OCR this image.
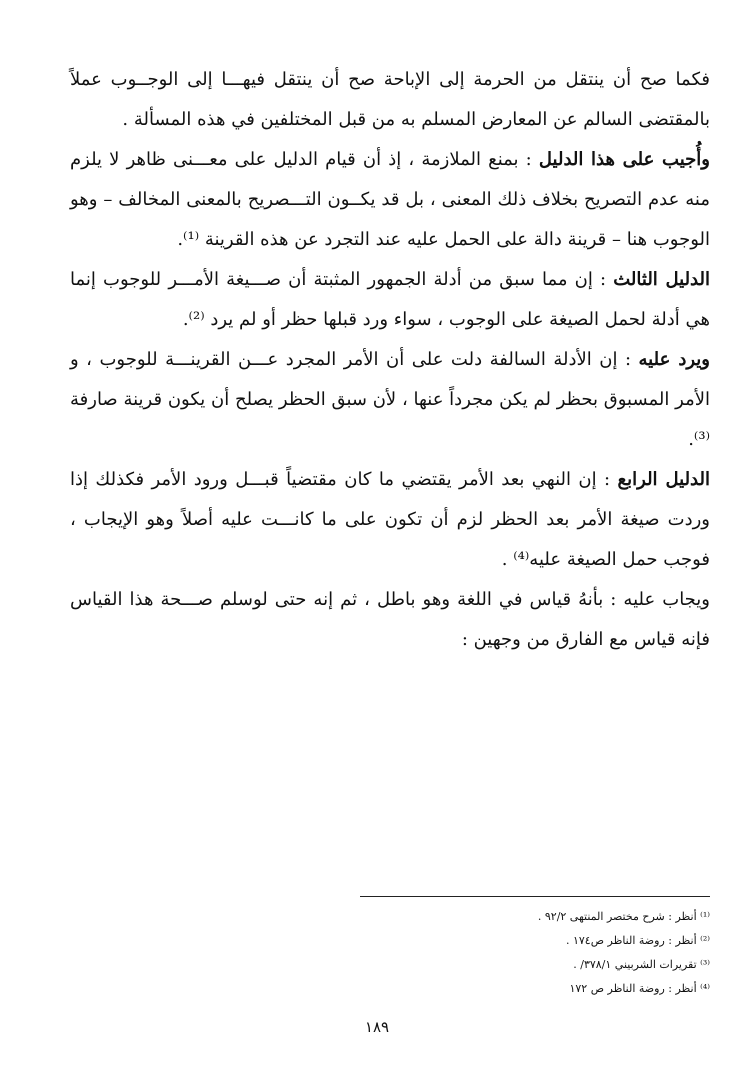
فكما صح أن ينتقل من الحرمة إلى الإباحة صح أن ينتقل فيهـــا إلى الوجــوب عملاً بالمقتضى السالم عن المعارض المسلم به من قبل المختلفين في هذه المسألة .

وأُجيب على هذا الدليل : بمنع الملازمة ، إذ أن قيام الدليل على معـــنى ظاهر لا يلزم منه عدم التصريح بخلاف ذلك المعنى ، بل قد يكــون التـــصريح بالمعنى المخالف – وهو الوجوب هنا – قرينة دالة على الحمل عليه عند التجرد عن هذه القرينة ⁽¹⁾.

الدليل الثالث : إن مما سبق من أدلة الجمهور المثبتة أن صـــيغة الأمـــر للوجوب إنما هي أدلة لحمل الصيغة على الوجوب ، سواء ورد قبلها حظر أو لم يرد ⁽²⁾.

ويرد عليه : إن الأدلة السالفة دلت على أن الأمر المجرد عـــن القرينـــة للوجوب ، و الأمر المسبوق بحظر لم يكن مجرداً عنها ، لأن سبق الحظر يصلح أن يكون قرينة صارفة ⁽³⁾.

الدليل الرابع : إن النهي بعد الأمر يقتضي ما كان مقتضياً قبـــل ورود الأمر فكذلك إذا وردت صيغة الأمر بعد الحظر لزم أن تكون على ما كانـــت عليه أصلاً وهو الإيجاب ، فوجب حمل الصيغة عليه⁽⁴⁾ .

ويجاب عليه : بأنهُ قياس في اللغة وهو باطل ، ثم إنه حتى لوسلم صـــحة هذا القياس فإنه قياس مع الفارق من وجهين :

⁽¹⁾ أنظر : شرح مختصر المنتهى ٩٢/٢ .

⁽²⁾ أنظر : روضة الناظر ص١٧٤ .

⁽³⁾ تقريرات الشربيني ٣٧٨/١/ .

⁽⁴⁾ أنظر : روضة الناظر ص ١٧٢

١٨٩
